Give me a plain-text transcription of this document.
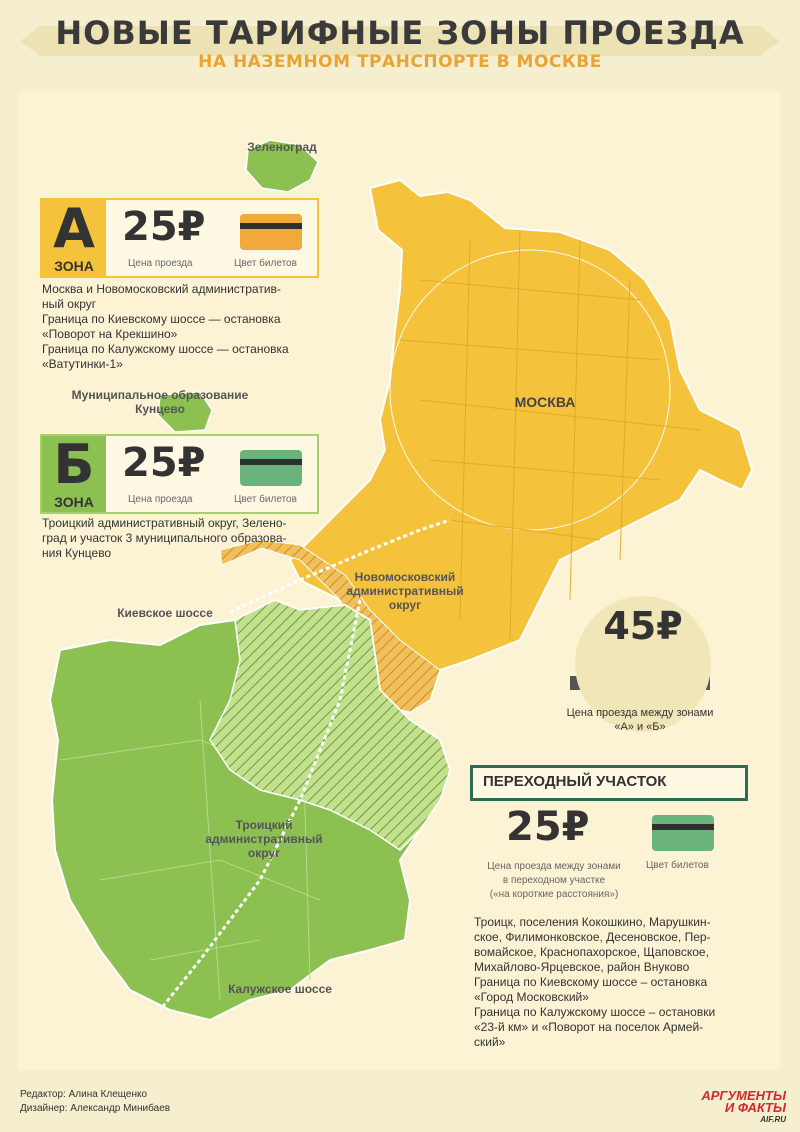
НОВЫЕ ТАРИФНЫЕ ЗОНЫ ПРОЕЗДА
НА НАЗЕМНОМ ТРАНСПОРТЕ В МОСКВЕ
А
ЗОНА
25₽
Цена проезда	Цвет билетов
Москва и Новомосковский административ-
ный округ
Граница по Киевскому шоссе — остановка
«Поворот на Крекшино»
Граница по Калужскому шоссе — остановка
«Ватутинки-1»
Б
ЗОНА
25₽
Цена проезда	Цвет билетов
Троицкий административный округ, Зелено-
град и участок 3 муниципального образова-
ния Кунцево
Зеленоград
Муниципальное образование
Кунцево	МОСКВА
Новомосковский
административный
округ
Киевское шоссе
Троицкий
административный
округ
Калужское шоссе
45₽
Цена проезда между зонами
«А» и «Б»
ПЕРЕХОДНЫЙ УЧАСТОК
25₽
Цена проезда между зонами
в переходном участке
(«на короткие расстояния»)
Цвет билетов
Троицк, поселения Кокошкино, Марушкин-
ское, Филимонковское, Десеновское, Пер-
вомайское, Краснопахорское, Щаповское,
Михайлово-Ярцевское, район Внуково
Граница по Киевскому шоссе – остановка
«Город Московский»
Граница по Калужскому шоссе – остановки
«23-й км» и «Поворот на поселок Армей-
ский»
Редактор: Алина Клещенко
Дизайнер: Александр Минибаев
АРГУМЕНТЫ
И ФАКТЫ
AIF.RU
